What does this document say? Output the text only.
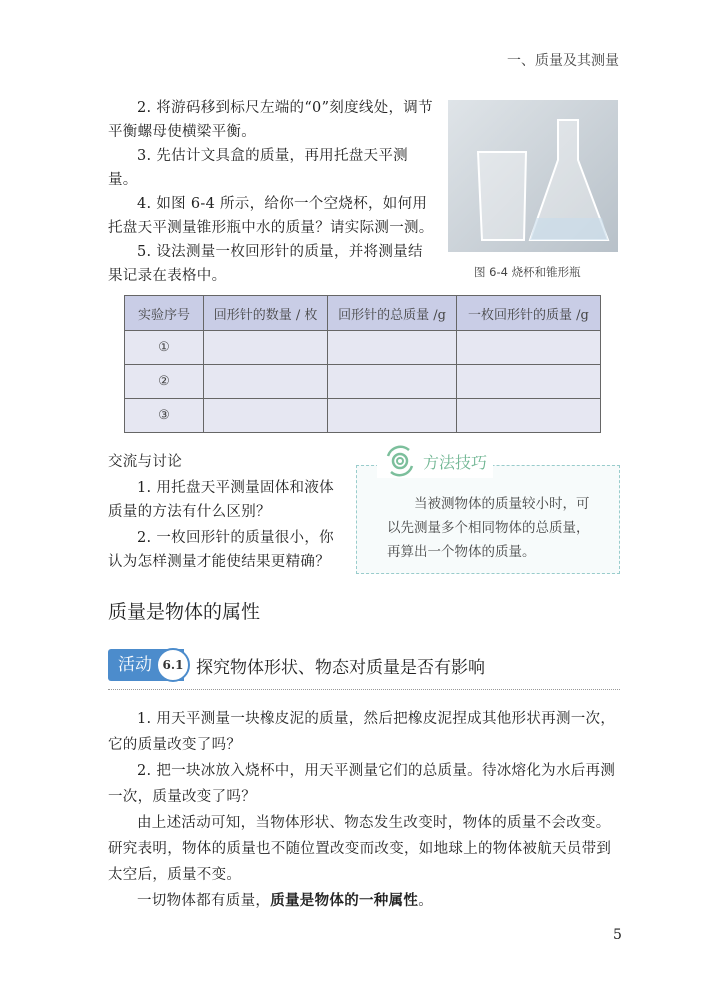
一、质量及其测量
2. 将游码移到标尺左端的“0”刻度线处，调节平衡螺母使横梁平衡。
3. 先估计文具盒的质量，再用托盘天平测量。
4. 如图 6-4 所示，给你一个空烧杯，如何用托盘天平测量锥形瓶中水的质量？请实际测一测。
5. 设法测量一枚回形针的质量，并将测量结果记录在表格中。	图 6-4 烧杯和锥形瓶
实验序号	回形针的数量 / 枚	回形针的总质量 /g	一枚回形针的质量 /g
①			
②			
③			
交流与讨论
1. 用托盘天平测量固体和液体质量的方法有什么区别？
2. 一枚回形针的质量很小，你认为怎样测量才能使结果更精确？
方法技巧
当被测物体的质量较小时，可以先测量多个相同物体的总质量，再算出一个物体的质量。
质量是物体的属性
活动 6.1 探究物体形状、物态对质量是否有影响
1. 用天平测量一块橡皮泥的质量，然后把橡皮泥捏成其他形状再测一次，它的质量改变了吗？
2. 把一块冰放入烧杯中，用天平测量它们的总质量。待冰熔化为水后再测一次，质量改变了吗？
由上述活动可知，当物体形状、物态发生改变时，物体的质量不会改变。研究表明，物体的质量也不随位置改变而改变，如地球上的物体被航天员带到太空后，质量不变。
一切物体都有质量，质量是物体的一种属性。
5
